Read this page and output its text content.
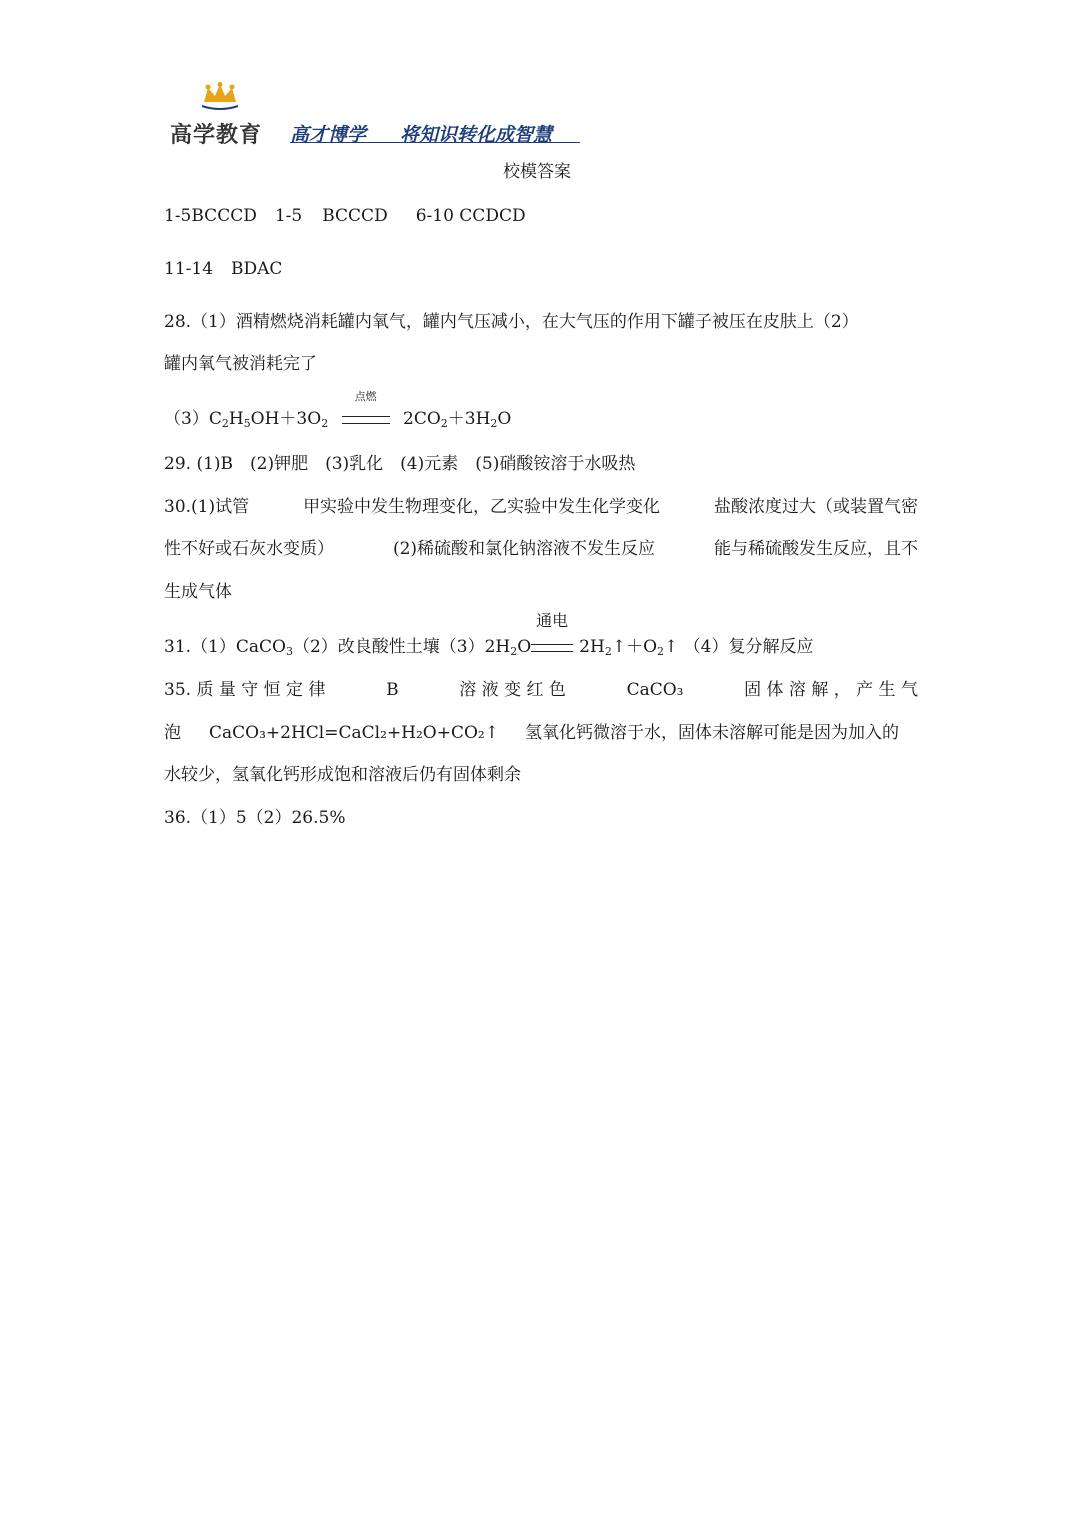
高学教育 高才博学 将知识转化成智慧
校模答案
1-5BCCCD 1-5 BCCCD 6-10 CCDCD
11-14 BDAC
28.（1）酒精燃烧消耗罐内氧气，罐内气压减小，在大气压的作用下罐子被压在皮肤上（2）
罐内氧气被消耗完了
$(3)C_2H_5OH+3O_2$
点燃
$2CO_2+3H_2O$
29. (1)B　(2)钾肥　(3)乳化　(4)元素　(5)硝酸铵溶于水吸热
30.(1)试管	甲实验中发生物理变化，乙实验中发生化学变化	盐酸浓度过大（或装置气密
性不好或石灰水变质）	(2)稀硫酸和氯化钠溶液不发生反应	能与稀硫酸发生反应，且不
生成气体
31.（1）CaCO$_3$（2）改良酸性土壤$(3)2H_2O$
通电
$2H_2↑+O_2↑$ （4）复分解反应
35. 质 量 守 恒 定 律	B	溶 液 变 红 色	CaCO₃	固 体 溶 解 ， 产 生 气
泡 CaCO₃+2HCl=CaCl₂+H₂O+CO₂↑ 氢氧化钙微溶于水，固体未溶解可能是因为加入的
水较少，氢氧化钙形成饱和溶液后仍有固体剩余
36.（1）5（2）26.5%
